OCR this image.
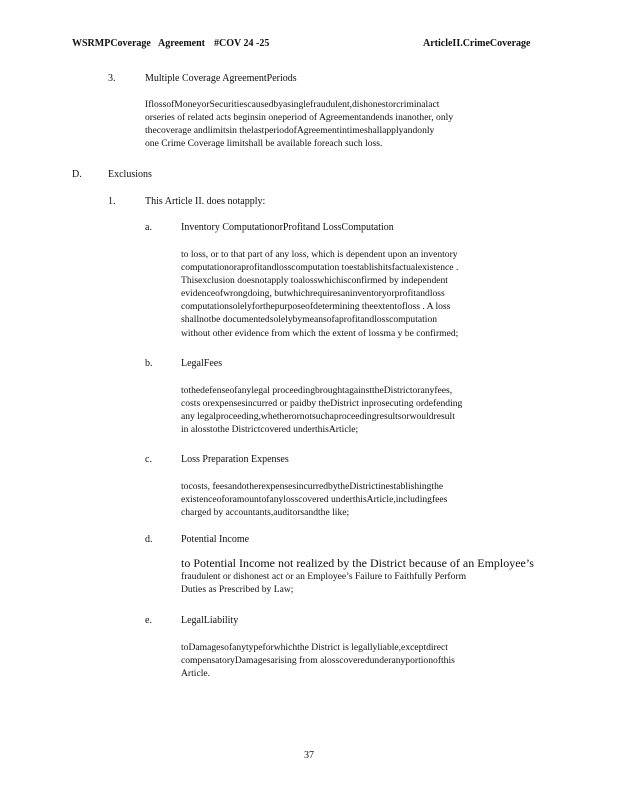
WSRMPCoverage Agreement #COV 24 -25	ArticleII.CrimeCoverage
3.	Multiple Coverage AgreementPeriods
IflossofMoneyorSecuritiescausedbyasinglefraudulent,dishonestorcriminalact
orseries of related acts beginsin oneperiod of Agreementandends inanother, only
thecoverage andlimitsin thelastperiodofAgreementintimeshallapplyandonly
one Crime Coverage limitshall be available foreach such loss.
D.	Exclusions
1.	This Article II. does notapply:
a.	Inventory ComputationorProfitand LossComputation
to loss, or to that part of any loss, which is dependent upon an inventory
computationoraprofitandlosscomputation toestablishitsfactualexistence .
Thisexclusion doesnotapply toalosswhichisconfirmed by independent
evidenceofwrongdoing, butwhichrequiresaninventoryorprofitandloss
computationsolelyforthepurposeofdetermining theextentofloss . A loss
shallnotbe documentedsolelybymeansofaprofitandlosscomputation
without other evidence from which the extent of lossma y be confirmed;
b.	LegalFees
tothedefenseofanylegal proceedingbroughtagainsttheDistrictoranyfees,
costs orexpensesincurred or paidby theDistrict inprosecuting ordefending
any legalproceeding,whetherornotsuchaproceedingresultsorwouldresult
in alosstothe Districtcovered underthisArticle;
c.	Loss Preparation Expenses
tocosts, feesandotherexpensesincurredbytheDistrictinestablishingthe
existenceoforamountofanylosscovered underthisArticle,includingfees
charged by accountants,auditorsandthe like;
d.	Potential Income
to Potential Income not realized by the District because of an Employee’s
fraudulent or dishonest act or an Employee’s Failure to Faithfully Perform
Duties as Prescribed by Law;
e.	LegalLiability
toDamagesofanytypeforwhichthe District is legallyliable,exceptdirect
compensatoryDamagesarising from alosscoveredunderanyportionofthis
Article.
37
